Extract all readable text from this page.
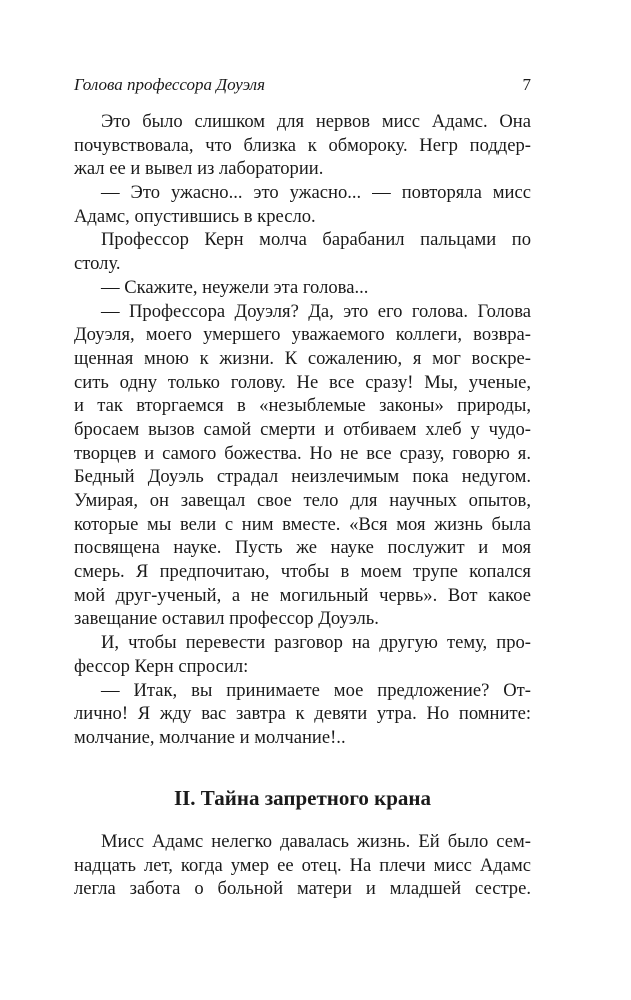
Голова профессора Доуэля	7
Это было слишком для нервов мисс Адамс. Она
почувствовала, что близка к обмороку. Негр поддер-
жал ее и вывел из лаборатории.
— Это ужасно... это ужасно... — повторяла мисс
Адамс, опустившись в кресло.
Профессор Керн молча барабанил пальцами по
столу.
— Скажите, неужели эта голова...
— Профессора Доуэля? Да, это его голова. Голова
Доуэля, моего умершего уважаемого коллеги, возвра-
щенная мною к жизни. К сожалению, я мог воскре-
сить одну только голову. Не все сразу! Мы, ученые,
и так вторгаемся в «незыблемые законы» природы,
бросаем вызов самой смерти и отбиваем хлеб у чудо-
творцев и самого божества. Но не все сразу, говорю я.
Бедный Доуэль страдал неизлечимым пока недугом.
Умирая, он завещал свое тело для научных опытов,
которые мы вели с ним вместе. «Вся моя жизнь была
посвящена науке. Пусть же науке послужит и моя
смерь. Я предпочитаю, чтобы в моем трупе копался
мой друг-ученый, а не могильный червь». Вот какое
завещание оставил профессор Доуэль.
И, чтобы перевести разговор на другую тему, про-
фессор Керн спросил:
— Итак, вы принимаете мое предложение? От-
лично! Я жду вас завтра к девяти утра. Но помните:
молчание, молчание и молчание!..
II. Тайна запретного крана
Мисс Адамс нелегко давалась жизнь. Ей было сем-
надцать лет, когда умер ее отец. На плечи мисс Адамс
легла забота о больной матери и младшей сестре.
